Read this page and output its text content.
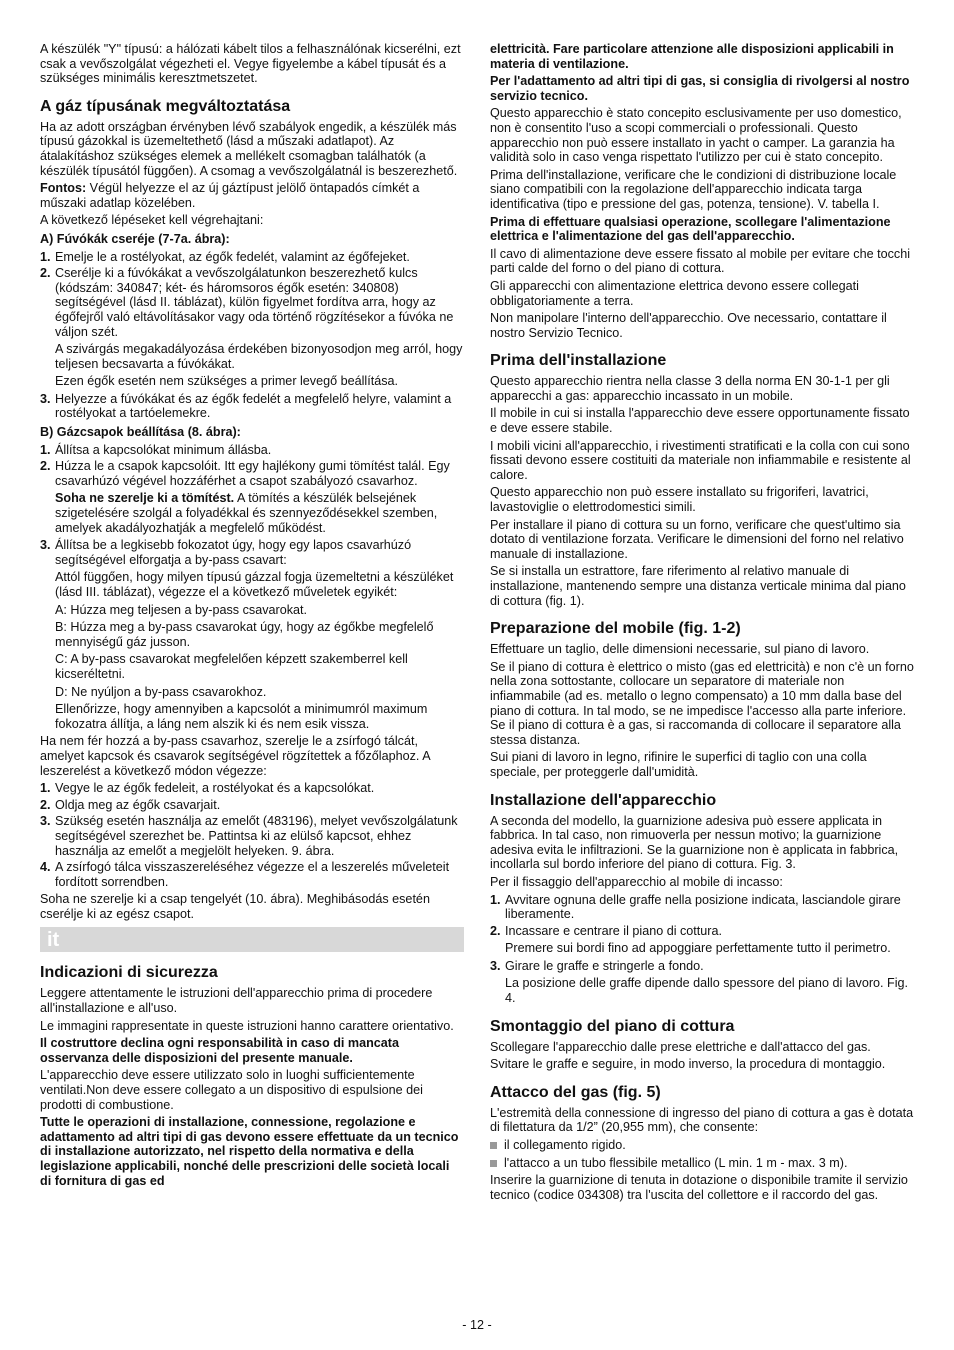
A készülék "Y" típusú: a hálózati kábelt tilos a felhasználónak kicserélni, ezt csak a vevőszolgálat végezheti el. Vegye figyelembe a kábel típusát és a szükséges minimális keresztmetszetet.

A gáz típusának megváltoztatása

Ha az adott országban érvényben lévő szabályok engedik, a készülék más típusú gázokkal is üzemeltethető (lásd a műszaki adatlapot). Az átalakításhoz szükséges elemek a mellékelt csomagban találhatók (a készülék típusától függően). A csomag a vevőszolgálatnál is beszerezhető.

Fontos: Végül helyezze el az új gáztípust jelölő öntapadós címkét a műszaki adatlap közelében.

A következő lépéseket kell végrehajtani:

A) Fúvókák cseréje (7-7a. ábra):
1. Emelje le a rostélyokat, az égők fedelét, valamint az égőfejeket.
2. Cserélje ki a fúvókákat a vevőszolgálatunkon beszerezhető kulcs (kódszám: 340847; két- és háromsoros égők esetén: 340808) segítségével (lásd II. táblázat), külön figyelmet fordítva arra, hogy az égőfejről való eltávolításakor vagy oda történő rögzítésekor a fúvóka ne váljon szét.

A szivárgás megakadályozása érdekében bizonyosodjon meg arról, hogy teljesen becsavarta a fúvókákat.

Ezen égők esetén nem szükséges a primer levegő beállítása.

3. Helyezze a fúvókákat és az égők fedelét a megfelelő helyre, valamint a rostélyokat a tartóelemekre.
B) Gázcsapok beállítása (8. ábra):
1. Állítsa a kapcsolókat minimum állásba.
2. Húzza le a csapok kapcsolóit. Itt egy hajlékony gumi tömítést talál. Egy csavarhúzó végével hozzáférhet a csapot szabályozó csavarhoz.

Soha ne szerelje ki a tömítést. A tömítés a készülék belsejének szigetelésére szolgál a folyadékkal és szennyeződésekkel szemben, amelyek akadályozhatják a megfelelő működést.

3. Állítsa be a legkisebb fokozatot úgy, hogy egy lapos csavarhúzó segítségével elforgatja a by-pass csavart:

Attól függően, hogy milyen típusú gázzal fogja üzemeltetni a készüléket (lásd III. táblázat), végezze el a következő műveletek egyikét:

A: Húzza meg teljesen a by-pass csavarokat.

B: Húzza meg a by-pass csavarokat úgy, hogy az égőkbe megfelelő mennyiségű gáz jusson.

C: A by-pass csavarokat megfelelően képzett szakemberrel kell kicseréltetni.

D: Ne nyúljon a by-pass csavarokhoz.

Ellenőrizze, hogy amennyiben a kapcsolót a minimumról maximum fokozatra állítja, a láng nem alszik ki és nem esik vissza.

Ha nem fér hozzá a by-pass csavarhoz, szerelje le a zsírfogó tálcát, amelyet kapcsok és csavarok segítségével rögzítettek a főzőlaphoz. A leszerelést a következő módon végezze:

1. Vegye le az égők fedeleit, a rostélyokat és a kapcsolókat.
2. Oldja meg az égők csavarjait.
3. Szükség esetén használja az emelőt (483196), melyet vevőszolgálatunk segítségével szerezhet be. Pattintsa ki az elülső kapcsot, ehhez használja az emelőt a megjelölt helyeken. 9. ábra.
4. A zsírfogó tálca visszaszereléséhez végezze el a leszerelés műveleteit fordított sorrendben.

Soha ne szerelje ki a csap tengelyét (10. ábra). Meghibásodás esetén cserélje ki az egész csapot.

it
Indicazioni di sicurezza

Leggere attentamente le istruzioni dell'apparecchio prima di procedere all'installazione e all'uso.

Le immagini rappresentate in queste istruzioni hanno carattere orientativo.

Il costruttore declina ogni responsabilità in caso di mancata osservanza delle disposizioni del presente manuale.

L'apparecchio deve essere utilizzato solo in luoghi sufficientemente ventilati.Non deve essere collegato a un dispositivo di espulsione dei prodotti di combustione.

Tutte le operazioni di installazione, connessione, regolazione e adattamento ad altri tipi di gas devono essere effettuate da un tecnico di installazione autorizzato, nel rispetto della normativa e della legislazione applicabili, nonché delle prescrizioni delle società locali di fornitura di gas ed

elettricità. Fare particolare attenzione alle disposizioni applicabili in materia di ventilazione.

Per l'adattamento ad altri tipi di gas, si consiglia di rivolgersi al nostro servizio tecnico.

Questo apparecchio è stato concepito esclusivamente per uso domestico, non è consentito l'uso a scopi commerciali o professionali. Questo apparecchio non può essere installato in yacht o camper. La garanzia ha validità solo in caso venga rispettato l'utilizzo per cui è stato concepito.

Prima dell'installazione, verificare che le condizioni di distribuzione locale siano compatibili con la regolazione dell'apparecchio indicata targa identificativa (tipo e pressione del gas, potenza, tensione). V. tabella I.

Prima di effettuare qualsiasi operazione, scollegare l'alimentazione elettrica e l'alimentazione del gas dell'apparecchio.

Il cavo di alimentazione deve essere fissato al mobile per evitare che tocchi parti calde del forno o del piano di cottura.

Gli apparecchi con alimentazione elettrica devono essere collegati obbligatoriamente a terra.

Non manipolare l'interno dell'apparecchio. Ove necessario, contattare il nostro Servizio Tecnico.

Prima dell'installazione

Questo apparecchio rientra nella classe 3 della norma EN 30-1-1 per gli apparecchi a gas: apparecchio incassato in un mobile.

Il mobile in cui si installa l'apparecchio deve essere opportunamente fissato e deve essere stabile.

I mobili vicini all'apparecchio, i rivestimenti stratificati e la colla con cui sono fissati devono essere costituiti da materiale non infiammabile e resistente al calore.

Questo apparecchio non può essere installato su frigoriferi, lavatrici, lavastoviglie o elettrodomestici simili.

Per installare il piano di cottura su un forno, verificare che quest'ultimo sia dotato di ventilazione forzata. Verificare le dimensioni del forno nel relativo manuale di installazione.

Se si installa un estrattore, fare riferimento al relativo manuale di installazione, mantenendo sempre una distanza verticale minima dal piano di cottura (fig. 1).

Preparazione del mobile (fig. 1-2)

Effettuare un taglio, delle dimensioni necessarie, sul piano di lavoro.

Se il piano di cottura è elettrico o misto (gas ed elettricità) e non c'è un forno nella zona sottostante, collocare un separatore di materiale non infiammabile (ad es. metallo o legno compensato) a 10 mm dalla base del piano di cottura. In tal modo, se ne impedisce l'accesso alla parte inferiore. Se il piano di cottura è a gas, si raccomanda di collocare il separatore alla stessa distanza.

Sui piani di lavoro in legno, rifinire le superfici di taglio con una colla speciale, per proteggerle dall'umidità.

Installazione dell'apparecchio

A seconda del modello, la guarnizione adesiva può essere applicata in fabbrica. In tal caso, non rimuoverla per nessun motivo; la guarnizione adesiva evita le infiltrazioni. Se la guarnizione non è applicata in fabbrica, incollarla sul bordo inferiore del piano di cottura. Fig. 3.

Per il fissaggio dell'apparecchio al mobile di incasso:

1. Avvitare ognuna delle graffe nella posizione indicata, lasciandole girare liberamente.
2. Incassare e centrare il piano di cottura.

Premere sui bordi fino ad appoggiare perfettamente tutto il perimetro.

3. Girare le graffe e stringerle a fondo.

La posizione delle graffe dipende dallo spessore del piano di lavoro. Fig. 4.

Smontaggio del piano di cottura

Scollegare l'apparecchio dalle prese elettriche e dall'attacco del gas.

Svitare le graffe e seguire, in modo inverso, la procedura di montaggio.

Attacco del gas (fig. 5)

L'estremità della connessione di ingresso del piano di cottura a gas è dotata di filettatura da 1/2” (20,955 mm), che consente:

il collegamento rigido.
l'attacco a un tubo flessibile metallico (L min. 1 m - max. 3 m).

Inserire la guarnizione di tenuta in dotazione o disponibile tramite il servizio tecnico (codice 034308) tra l'uscita del collettore e il raccordo del gas.

- 12 -
